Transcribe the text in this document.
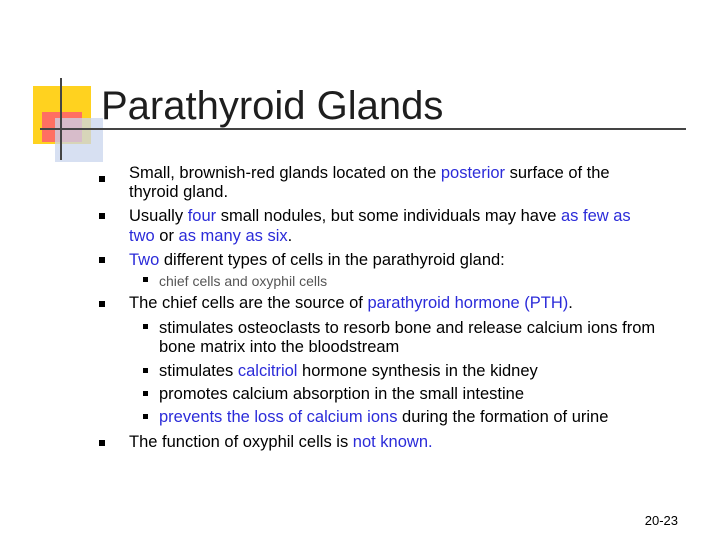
Parathyroid Glands
Small, brownish-red glands located on the posterior surface of the
thyroid gland.
Usually four small nodules, but some individuals may have as few as
two or as many as six.
Two different types of cells in the parathyroid gland:
chief cells and oxyphil cells
The chief cells are the source of parathyroid hormone (PTH).
stimulates osteoclasts to resorb bone and release calcium ions from
bone matrix into the bloodstream
stimulates calcitriol hormone synthesis in the kidney
promotes calcium absorption in the small intestine
prevents the loss of calcium ions during the formation of urine
The function of oxyphil cells is not known.
20-23
